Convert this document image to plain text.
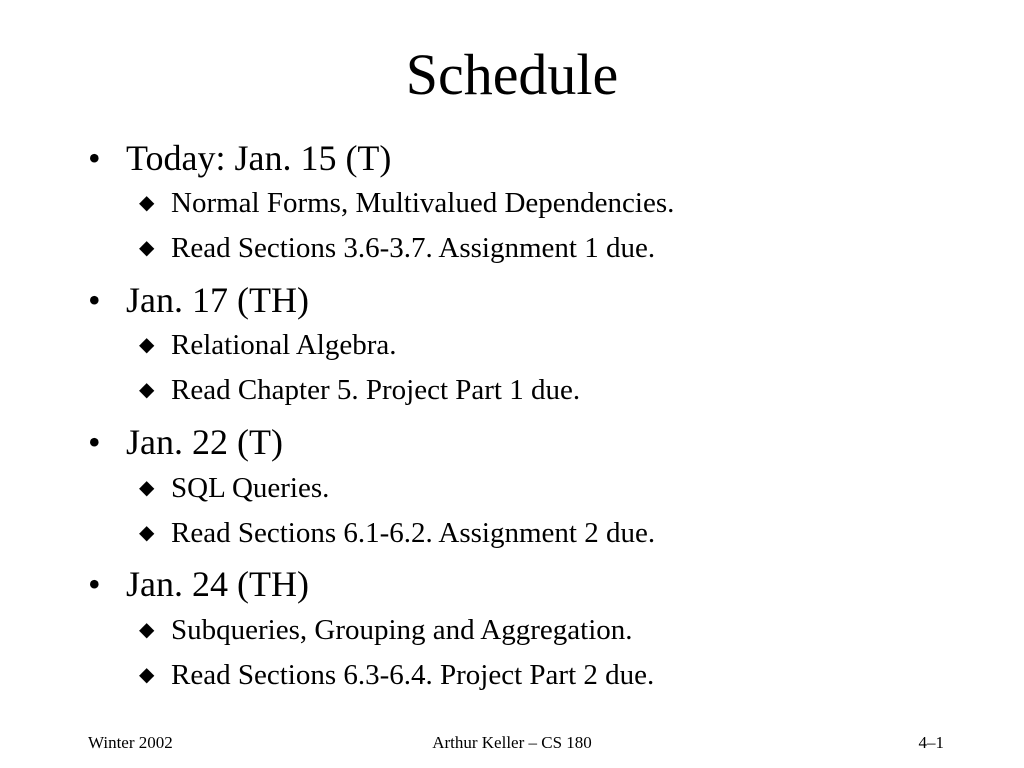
Schedule
• Today: Jan. 15 (T)
◆ Normal Forms, Multivalued Dependencies.
◆ Read Sections 3.6-3.7. Assignment 1 due.
• Jan. 17 (TH)
◆ Relational Algebra.
◆ Read Chapter 5. Project Part 1 due.
• Jan. 22 (T)
◆ SQL Queries.
◆ Read Sections 6.1-6.2. Assignment 2 due.
• Jan. 24 (TH)
◆ Subqueries, Grouping and Aggregation.
◆ Read Sections 6.3-6.4. Project Part 2 due.
Winter 2002	Arthur Keller – CS 180	4–1
